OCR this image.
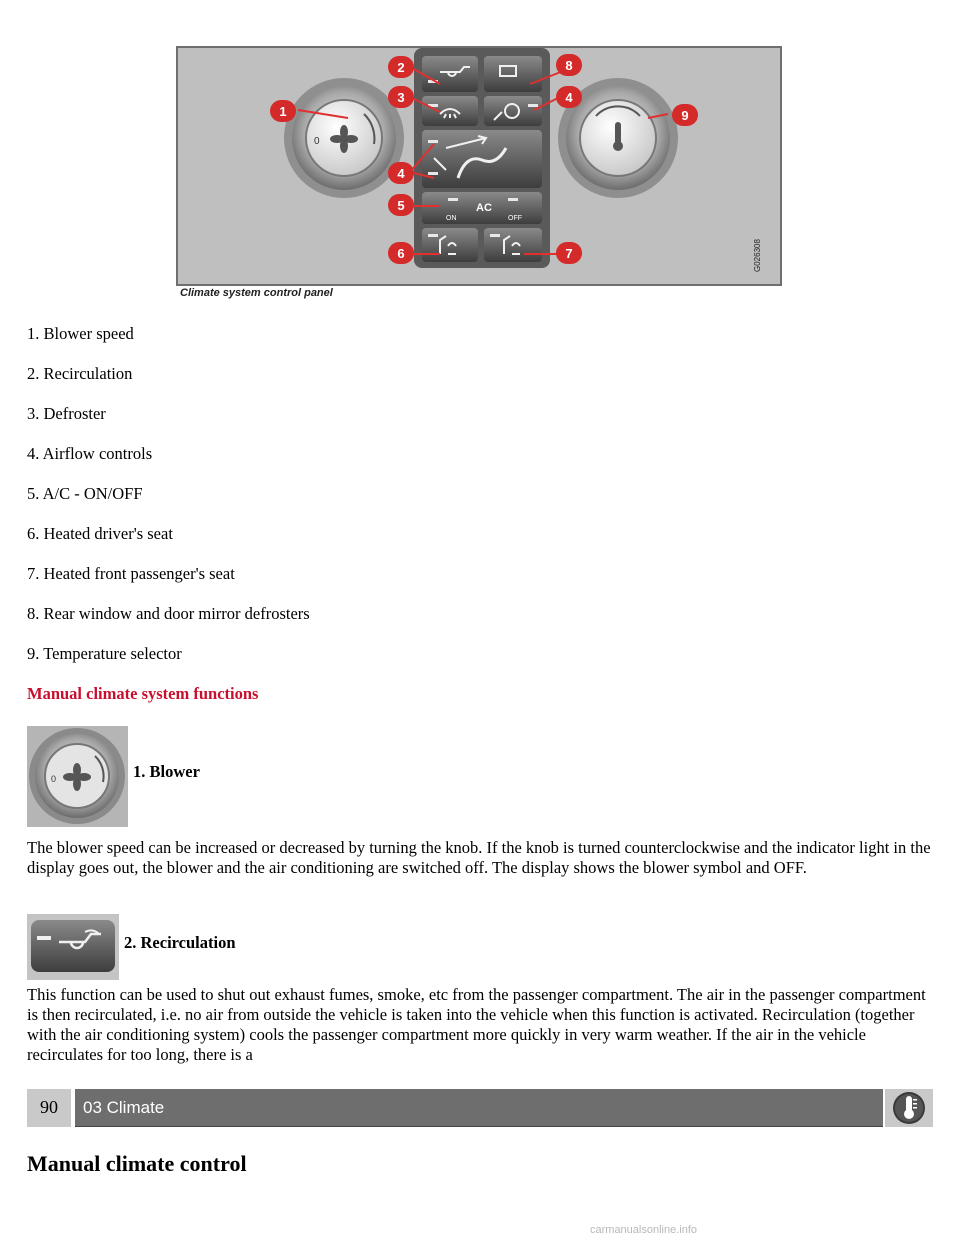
AC
ON	OFF
0
1
2
3	4
4
5
6	7
8
9
G026308
Climate system control panel
1. Blower speed
2. Recirculation
3. Defroster
4. Airflow controls
5. A/C - ON/OFF
6. Heated driver's seat
7. Heated front passenger's seat
8. Rear window and door mirror defrosters
9. Temperature selector
Manual climate system functions
0	1. Blower
The blower speed can be increased or decreased by turning the knob. If the knob is turned counterclockwise and the indicator light in the display goes out, the blower and the air conditioning are switched off. The display shows the blower symbol and OFF.
2. Recirculation
This function can be used to shut out exhaust fumes, smoke, etc from the passenger compartment. The air in the passenger compartment is then recirculated, i.e. no air from outside the vehicle is taken into the vehicle when this function is activated. Recirculation (together with the air conditioning system) cools the passenger compartment more quickly in very warm weather. If the air in the vehicle recirculates for too long, there is a
90	03 Climate
Manual climate control
carmanualsonline.info
